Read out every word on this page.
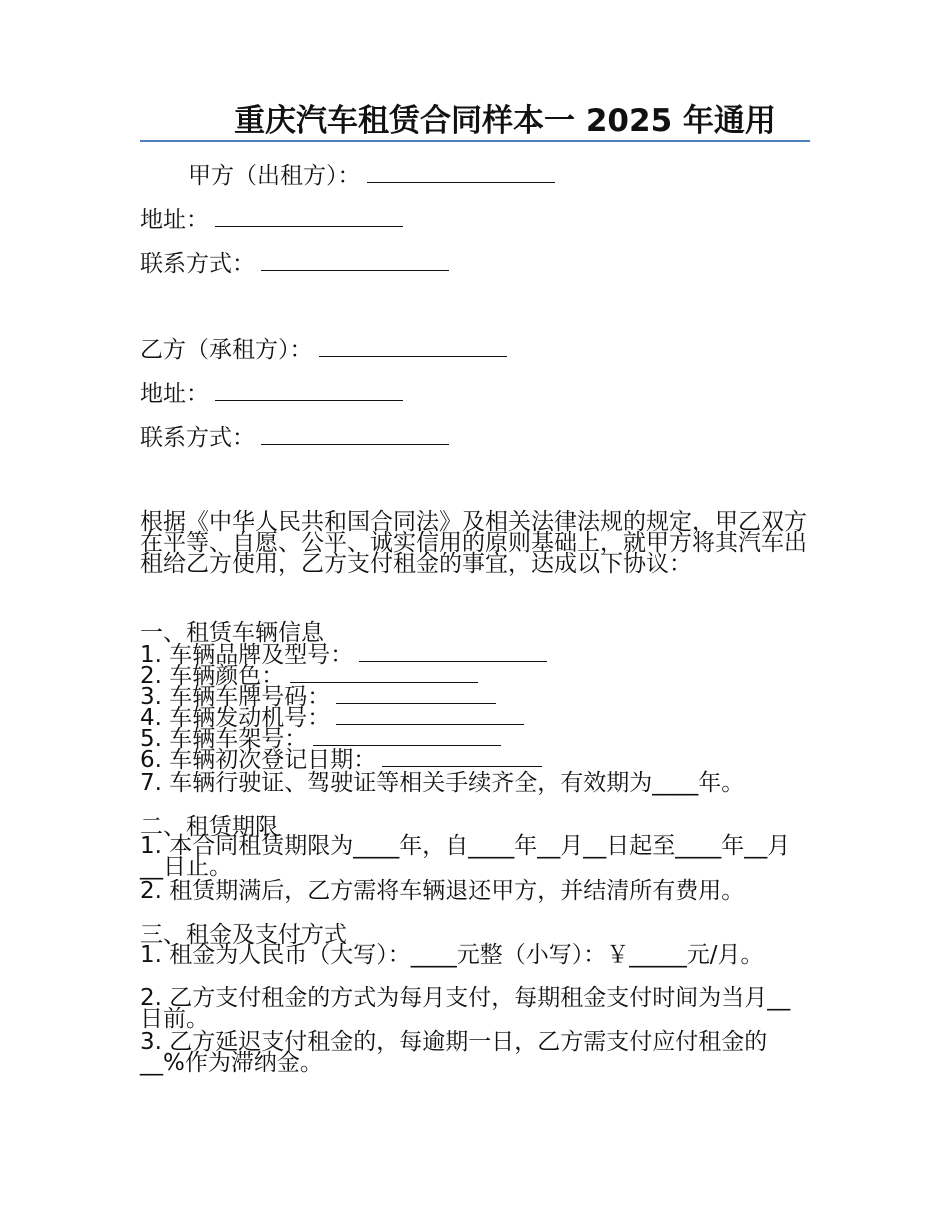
重庆汽车租赁合同样本一 2025 年通用
甲方（出租方）：
地址：
联系方式：
乙方（承租方）：
地址：
联系方式：
根据《中华人民共和国合同法》及相关法律法规的规定，甲乙双方在平等、自愿、公平、诚实信用的原则基础上，就甲方将其汽车出租给乙方使用，乙方支付租金的事宜，达成以下协议：
一、租赁车辆信息
1. 车辆品牌及型号：
2. 车辆颜色：
3. 车辆车牌号码：
4. 车辆发动机号：
5. 车辆车架号：
6. 车辆初次登记日期：
7. 车辆行驶证、驾驶证等相关手续齐全，有效期为____年。
二、租赁期限
1. 本合同租赁期限为____年，自____年__月__日起至____年__月__日止。
2. 租赁期满后，乙方需将车辆退还甲方，并结清所有费用。
三、租金及支付方式
1. 租金为人民币（大写）：____元整（小写）：￥_____元/月。
2. 乙方支付租金的方式为每月支付，每期租金支付时间为当月__日前。
3. 乙方延迟支付租金的，每逾期一日，乙方需支付应付租金的__%作为滞纳金。
